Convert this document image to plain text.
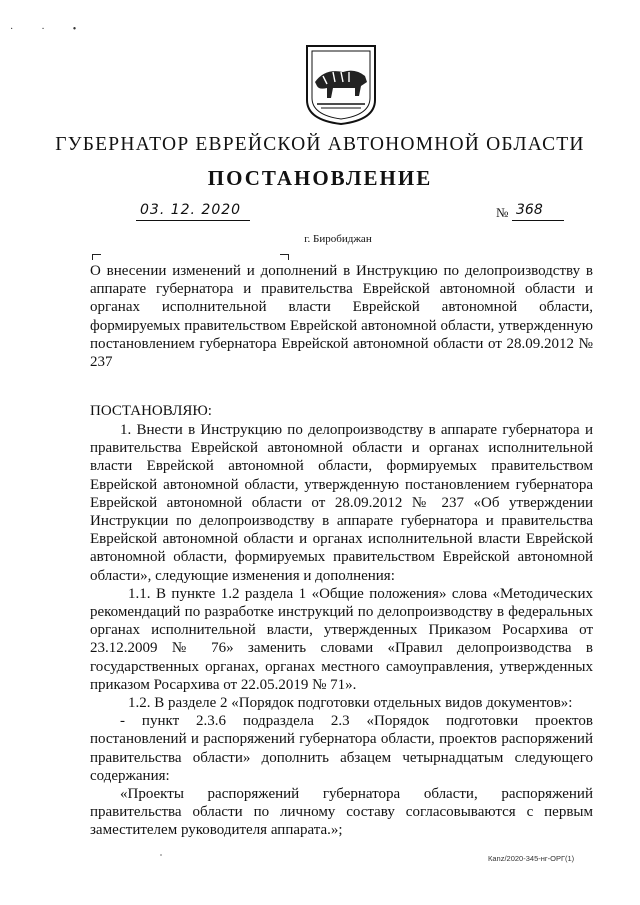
·	·	•
ГУБЕРНАТОР ЕВРЕЙСКОЙ АВТОНОМНОЙ ОБЛАСТИ
ПОСТАНОВЛЕНИЕ
03. 12. 2020	№ 368
г. Биробиджан
О внесении изменений и дополнений в Инструкцию по делопроизводству в аппарате губернатора и правительства Еврейской автономной области и органах исполнительной власти Еврейской автономной области, формируемых правительством Еврейской автономной области, утвержденную постановлением губернатора Еврейской автономной области от 28.09.2012 № 237
ПОСТАНОВЛЯЮ:

1. Внести в Инструкцию по делопроизводству в аппарате губернатора и правительства Еврейской автономной области и органах исполнительной власти Еврейской автономной области, формируемых правительством Еврейской автономной области, утвержденную постановлением губернатора Еврейской автономной области от 28.09.2012 № 237 «Об утверждении Инструкции по делопроизводству в аппарате губернатора и правительства Еврейской автономной области и органах исполнительной власти Еврейской автономной области, формируемых правительством Еврейской автономной области», следующие изменения и дополнения:

1.1. В пункте 1.2 раздела 1 «Общие положения» слова «Методических рекомендаций по разработке инструкций по делопроизводству в федеральных органах исполнительной власти, утвержденных Приказом Росархива от 23.12.2009 № 76» заменить словами «Правил делопроизводства в государственных органах, органах местного самоуправления, утвержденных приказом Росархива от 22.05.2019 № 71».

1.2. В разделе 2 «Порядок подготовки отдельных видов документов»:

- пункт 2.3.6 подраздела 2.3 «Порядок подготовки проектов постановлений и распоряжений губернатора области, проектов распоряжений правительства области» дополнить абзацем четырнадцатым следующего содержания:

«Проекты распоряжений губернатора области, распоряжений правительства области по личному составу согласовываются с первым заместителем руководителя аппарата.»;

Каnz/2020-345-нг-ОРГ(1)
